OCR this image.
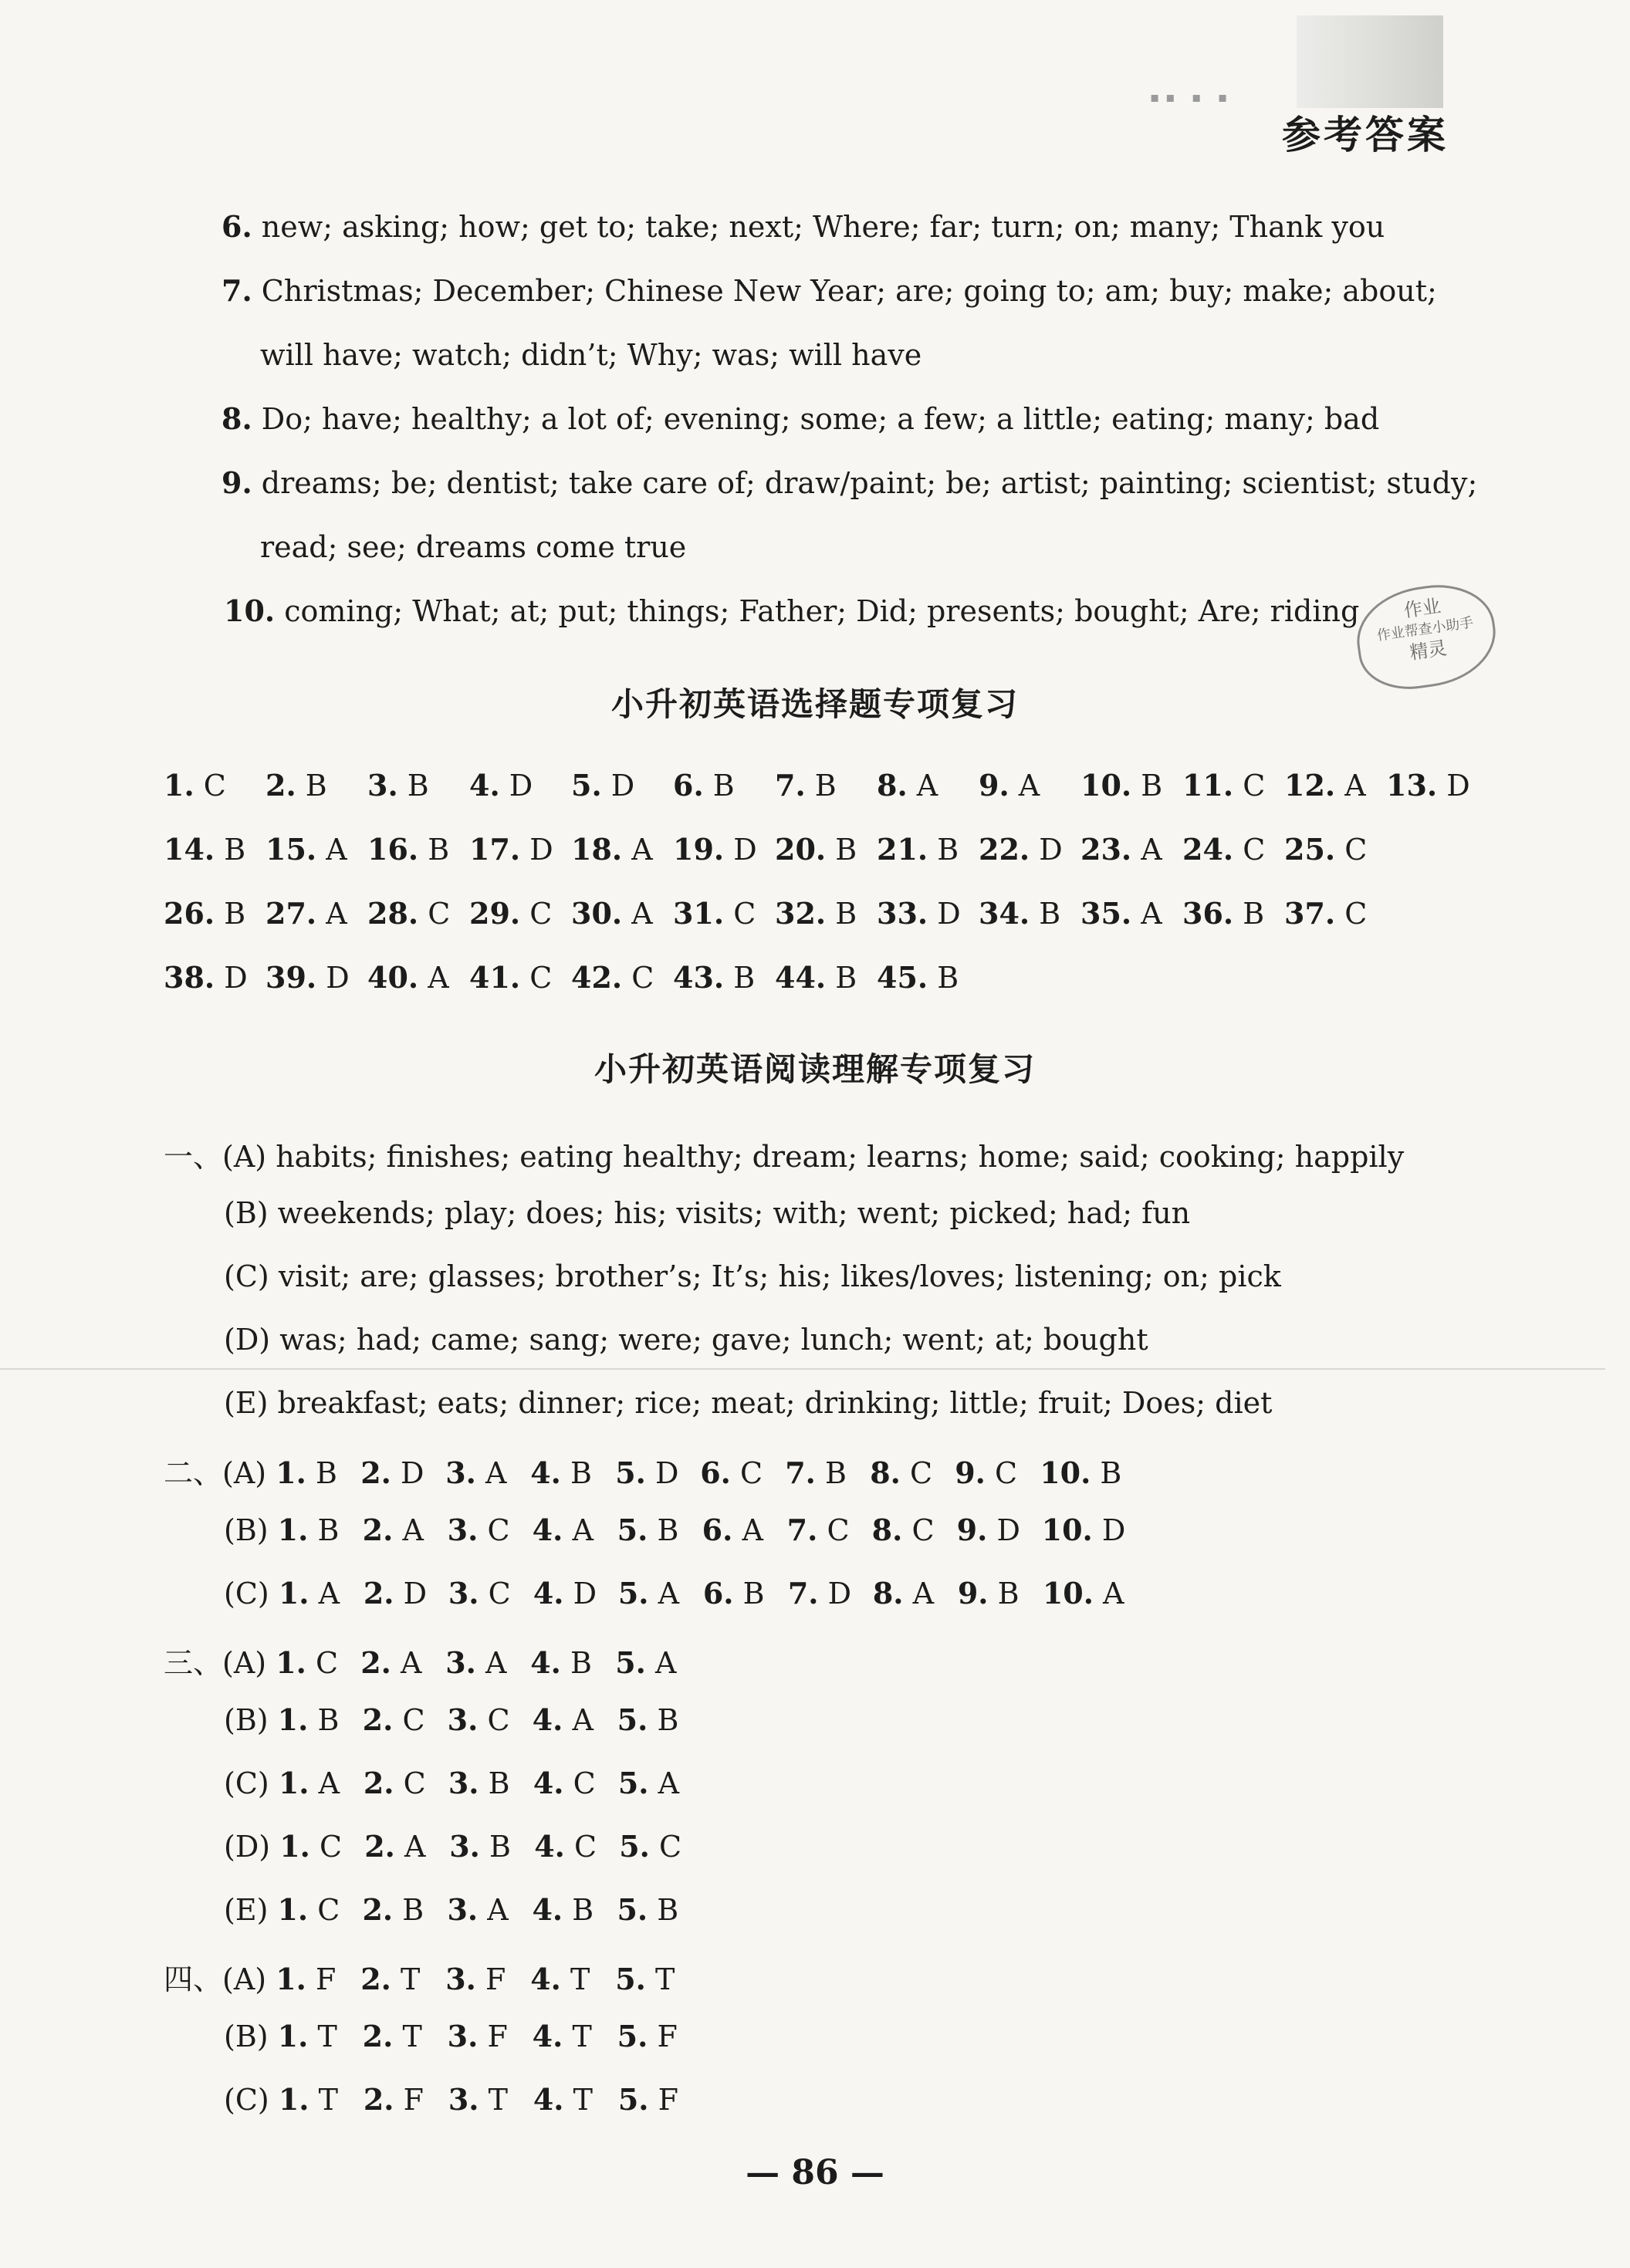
▪▪ ▪ ▪
参考答案
6. new; asking; how; get to; take; next; Where; far; turn; on; many; Thank you
7. Christmas; December; Chinese New Year; are; going to; am; buy; make; about;
will have; watch; didn’t; Why; was; will have
8. Do; have; healthy; a lot of; evening; some; a few; a little; eating; many; bad
9. dreams; be; dentist; take care of; draw/paint; be; artist; painting; scientist; study;
read; see; dreams come true
10. coming; What; at; put; things; Father; Did; presents; bought; Are; riding	作业
作业帮查小助手
精灵
小升初英语选择题专项复习
1. C 2. B 3. B 4. D 5. D 6. B 7. B 8. A 9. A 10. B 11. C 12. A 13. D
14. B 15. A 16. B 17. D 18. A 19. D 20. B 21. B 22. D 23. A 24. C 25. C
26. B 27. A 28. C 29. C 30. A 31. C 32. B 33. D 34. B 35. A 36. B 37. C
38. D 39. D 40. A 41. C 42. C 43. B 44. B 45. B
小升初英语阅读理解专项复习
一、(A) habits; finishes; eating healthy; dream; learns; home; said; cooking; happily
(B) weekends; play; does; his; visits; with; went; picked; had; fun
(C) visit; are; glasses; brother’s; It’s; his; likes/loves; listening; on; pick
(D) was; had; came; sang; were; gave; lunch; went; at; bought
(E) breakfast; eats; dinner; rice; meat; drinking; little; fruit; Does; diet
二、(A) 1. B 2. D 3. A 4. B 5. D 6. C 7. B 8. C 9. C 10. B
(B) 1. B 2. A 3. C 4. A 5. B 6. A 7. C 8. C 9. D 10. D
(C) 1. A 2. D 3. C 4. D 5. A 6. B 7. D 8. A 9. B 10. A
三、(A) 1. C 2. A 3. A 4. B 5. A
(B) 1. B 2. C 3. C 4. A 5. B
(C) 1. A 2. C 3. B 4. C 5. A
(D) 1. C 2. A 3. B 4. C 5. C
(E) 1. C 2. B 3. A 4. B 5. B
四、(A) 1. F 2. T 3. F 4. T 5. T
(B) 1. T 2. T 3. F 4. T 5. F
(C) 1. T 2. F 3. T 4. T 5. F
— 86 —
